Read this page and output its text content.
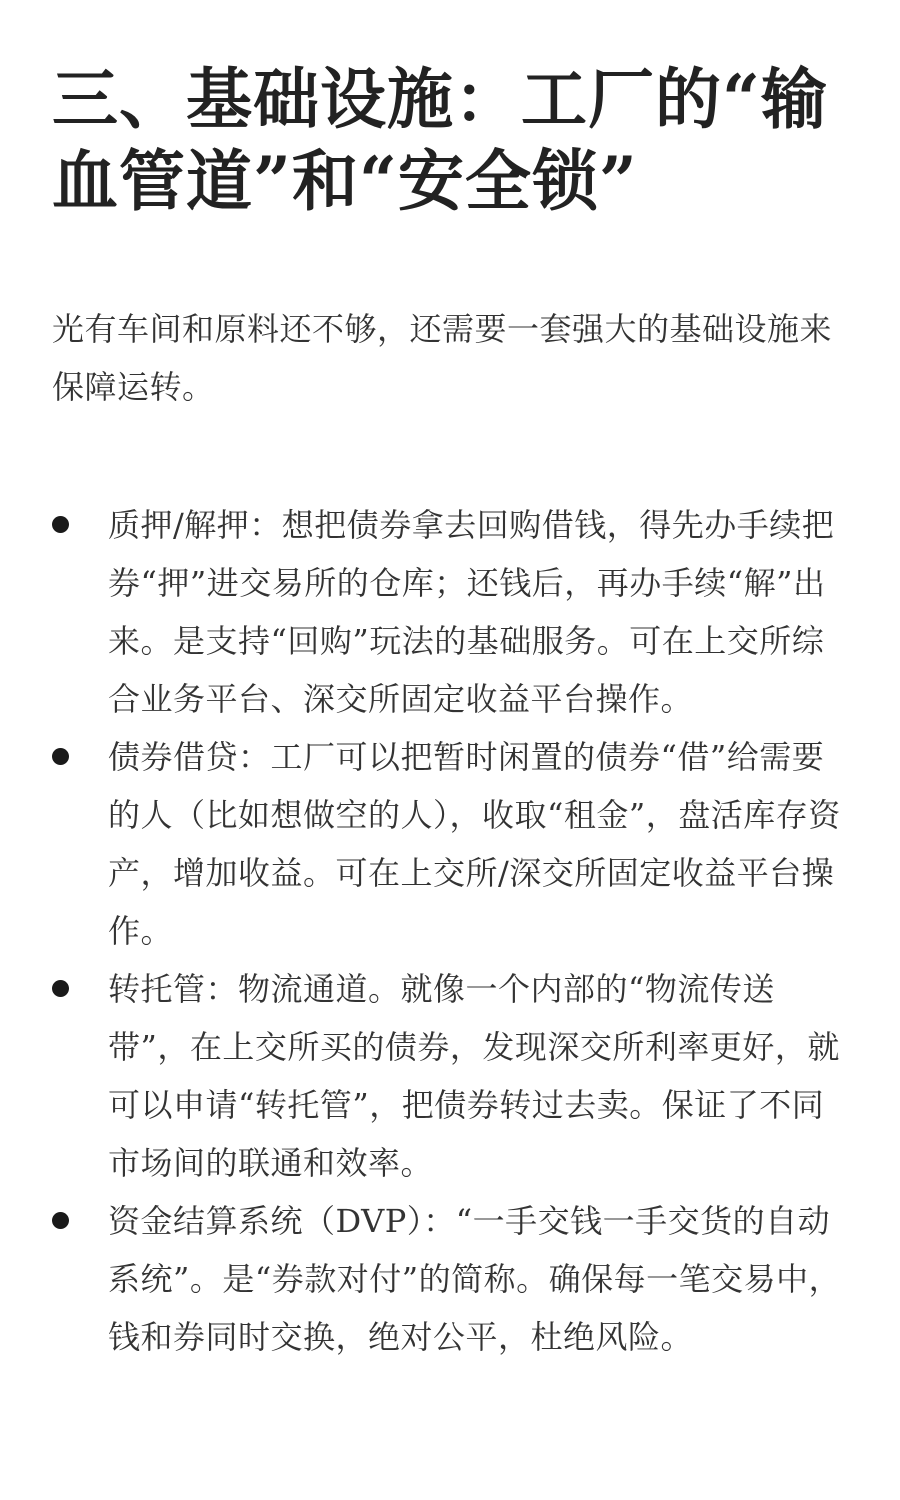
三、基础设施：工厂的“输
血管道”和“安全锁”

光有车间和原料还不够，还需要一套强大的基础设施来保障运转。

质押/解押：想把债券拿去回购借钱，得先办手续把券“押”进交易所的仓库；还钱后，再办手续“解”出来。是支持“回购”玩法的基础服务。可在上交所综合业务平台、深交所固定收益平台操作。
债券借贷：工厂可以把暂时闲置的债券“借”给需要的人（比如想做空的人），收取“租金”，盘活库存资产，增加收益。可在上交所/深交所固定收益平台操作。
转托管：物流通道。就像一个内部的“物流传送带”，在上交所买的债券，发现深交所利率更好，就可以申请“转托管”，把债券转过去卖。保证了不同市场间的联通和效率。
资金结算系统（DVP）：“一手交钱一手交货的自动系统”。是“券款对付”的简称。确保每一笔交易中，钱和券同时交换，绝对公平，杜绝风险。
